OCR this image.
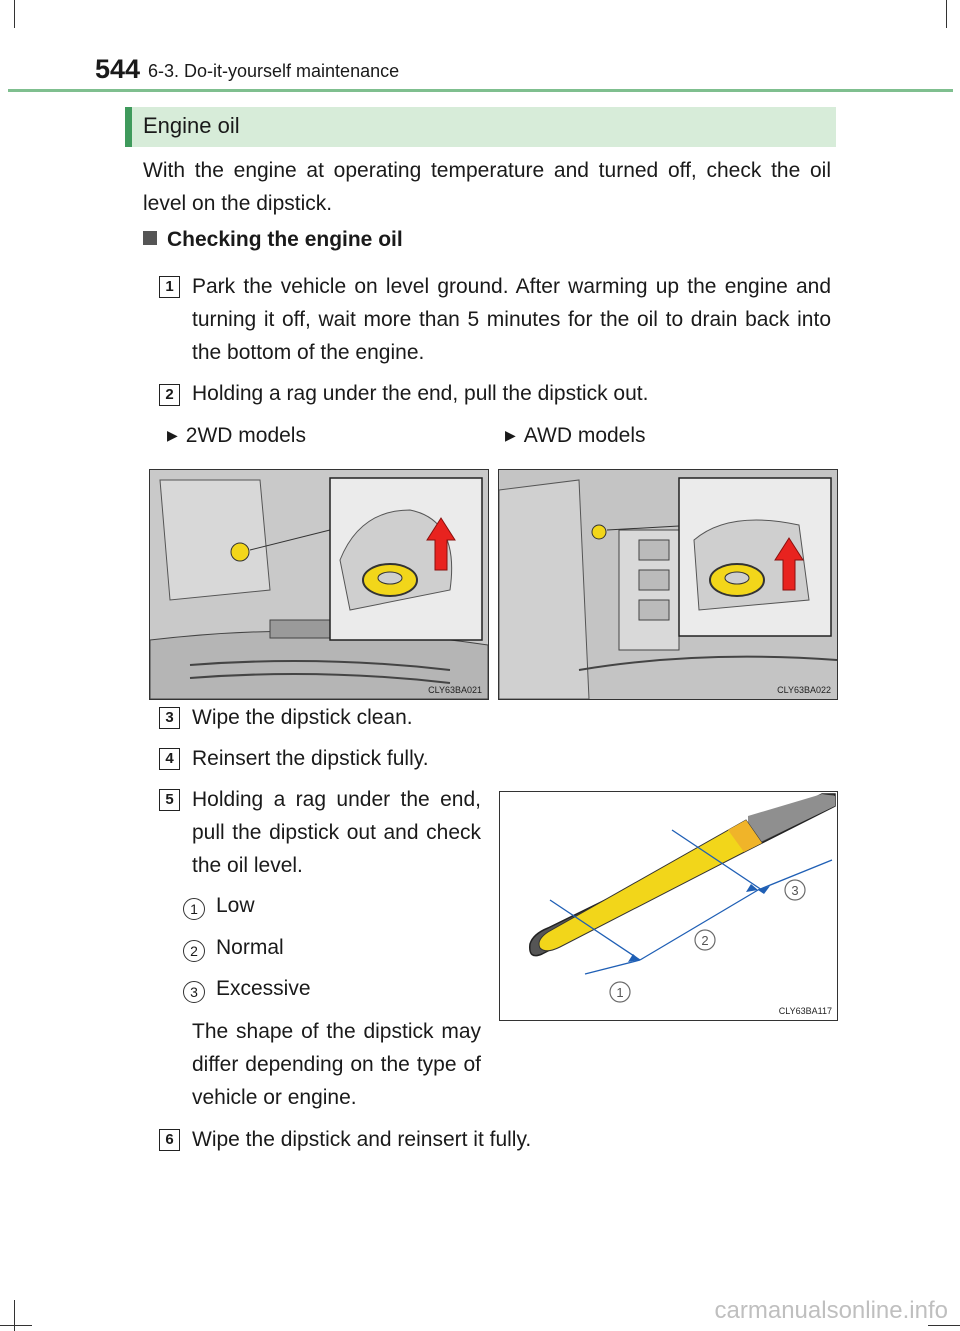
544 6-3. Do-it-yourself maintenance
Engine oil
With the engine at operating temperature and turned off, check the oil level on the dipstick.
Checking the engine oil
1 Park the vehicle on level ground. After warming up the engine and turning it off, wait more than 5 minutes for the oil to drain back into the bottom of the engine.
2 Holding a rag under the end, pull the dipstick out.
▶ 2WD models	▶ AWD models
CLY63BA021	CLY63BA022
3 Wipe the dipstick clean.
4 Reinsert the dipstick fully.
5 Holding a rag under the end, pull the dipstick out and check the oil level.
1 Low
2 Normal
3 Excessive
The shape of the dipstick may differ depending on the type of vehicle or engine.
1
2
3
CLY63BA117
6 Wipe the dipstick and reinsert it fully.
carmanualsonline.info
